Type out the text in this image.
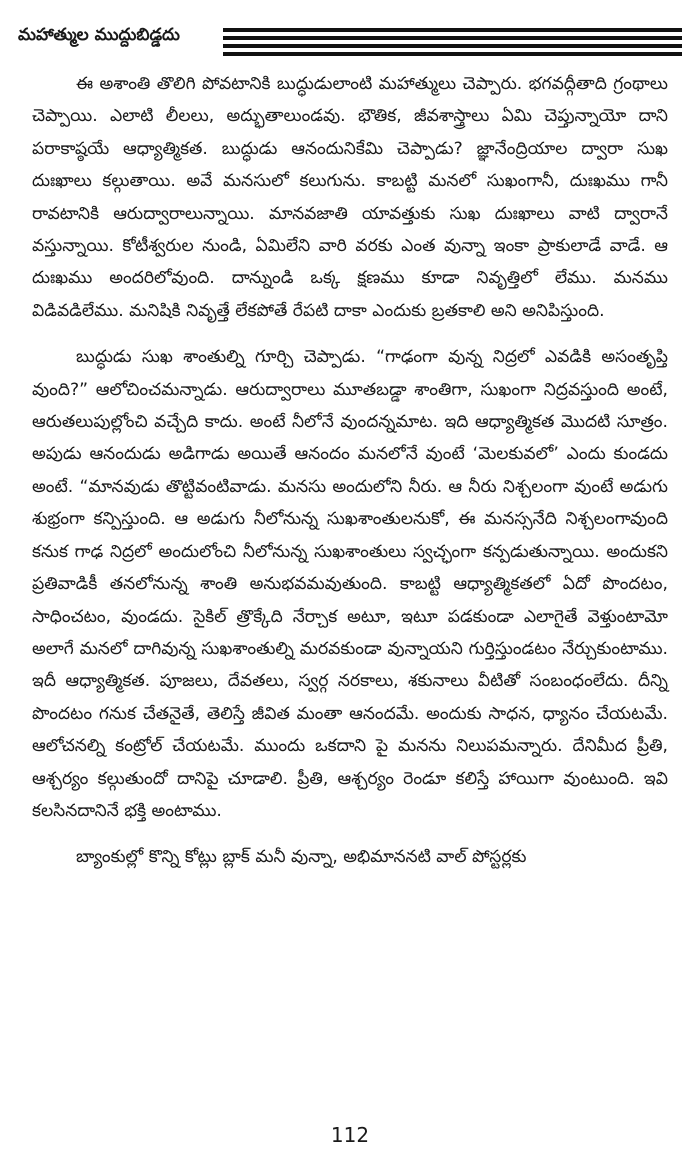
మహాత్ముల ముద్దుబిడ్డదు

ఈ అశాంతి తొలిగి పోవటానికి బుద్ధుడులాంటి మహాత్ములు చెప్పారు. భగవద్గీతాది గ్రంథాలు చెప్పాయి. ఎలాటి లీలలు, అద్భుతాలుండవు. భౌతిక, జీవశాస్త్రాలు ఏమి చెప్తున్నాయో దాని పరాకాష్ఠయే ఆధ్యాత్మికత. బుద్ధుడు ఆనందునికేమి చెప్పాడు? జ్ఞానేంద్రియాల ద్వారా సుఖ దుఃఖాలు కల్గుతాయి. అవే మనసులో కలుగును. కాబట్టి మనలో సుఖంగానీ, దుఃఖము గానీ రావటానికి ఆరుద్వారాలున్నాయి. మానవజాతి యావత్తుకు సుఖ దుఃఖాలు వాటి ద్వారానే వస్తున్నాయి. కోటీశ్వరుల నుండి, ఏమిలేని వారి వరకు ఎంత వున్నా ఇంకా ప్రాకులాడే వాడే. ఆ దుఃఖము అందరిలోవుంది. దాన్నుండి ఒక్క క్షణము కూడా నివృత్తిలో లేము. మనము విడివడిలేము. మనిషికి నివృత్తే లేకపోతే రేపటి దాకా ఎందుకు బ్రతకాలి అని అనిపిస్తుంది.

బుద్ధుడు సుఖ శాంతుల్ని గూర్చి చెప్పాడు. “గాఢంగా వున్న నిద్రలో ఎవడికి అసంతృప్తి వుంది?” ఆలోచించమన్నాడు. ఆరుద్వారాలు మూతబడ్డా శాంతిగా, సుఖంగా నిద్రవస్తుంది అంటే, ఆరుతలుపుల్లోంచి వచ్చేది కాదు. అంటే నీలోనే వుందన్నమాట. ఇది ఆధ్యాత్మికత మొదటి సూత్రం. అపుడు ఆనందుడు అడిగాడు అయితే ఆనందం మనలోనే వుంటే ‘మెలకువలో’ ఎందు కుండదు అంటే. “మానవుడు తొట్టివంటివాడు. మనసు అందులోని నీరు. ఆ నీరు నిశ్చలంగా వుంటే అడుగు శుభ్రంగా కన్పిస్తుంది. ఆ అడుగు నీలోనున్న సుఖశాంతులనుకో, ఈ మనస్సనేది నిశ్చలంగావుంది కనుక గాఢ నిద్రలో అందులోంచి నీలోనున్న సుఖశాంతులు స్వచ్ఛంగా కన్పడుతున్నాయి. అందుకని ప్రతివాడికీ తనలోనున్న శాంతి అనుభవమవుతుంది. కాబట్టి ఆధ్యాత్మికతలో ఏదో పొందటం, సాధించటం, వుండదు. సైకిల్ త్రొక్కేది నేర్చాక అటూ, ఇటూ పడకుండా ఎలాగైతే వెళ్తుంటామో అలాగే మనలో దాగివున్న సుఖశాంతుల్ని మరవకుండా వున్నాయని గుర్తిస్తుండటం నేర్చుకుంటాము. ఇదీ ఆధ్యాత్మికత. పూజలు, దేవతలు, స్వర్గ నరకాలు, శకునాలు వీటితో సంబంధంలేదు. దీన్ని పొందటం గనుక చేతనైతే, తెలిస్తే జీవిత మంతా ఆనందమే. అందుకు సాధన, ధ్యానం చేయటమే. ఆలోచనల్ని కంట్రోల్ చేయటమే. ముందు ఒకదాని పై మనను నిలుపమన్నారు. దేనిమీద ప్రీతి, ఆశ్చర్యం కల్గుతుందో దానిపై చూడాలి. ప్రీతి, ఆశ్చర్యం రెండూ కలిస్తే హాయిగా వుంటుంది. ఇవి కలసినదానినే భక్తి అంటాము.

బ్యాంకుల్లో కొన్ని కోట్లు బ్లాక్ మనీ వున్నా, అభిమాననటి వాల్ పోస్టర్లకు

112
